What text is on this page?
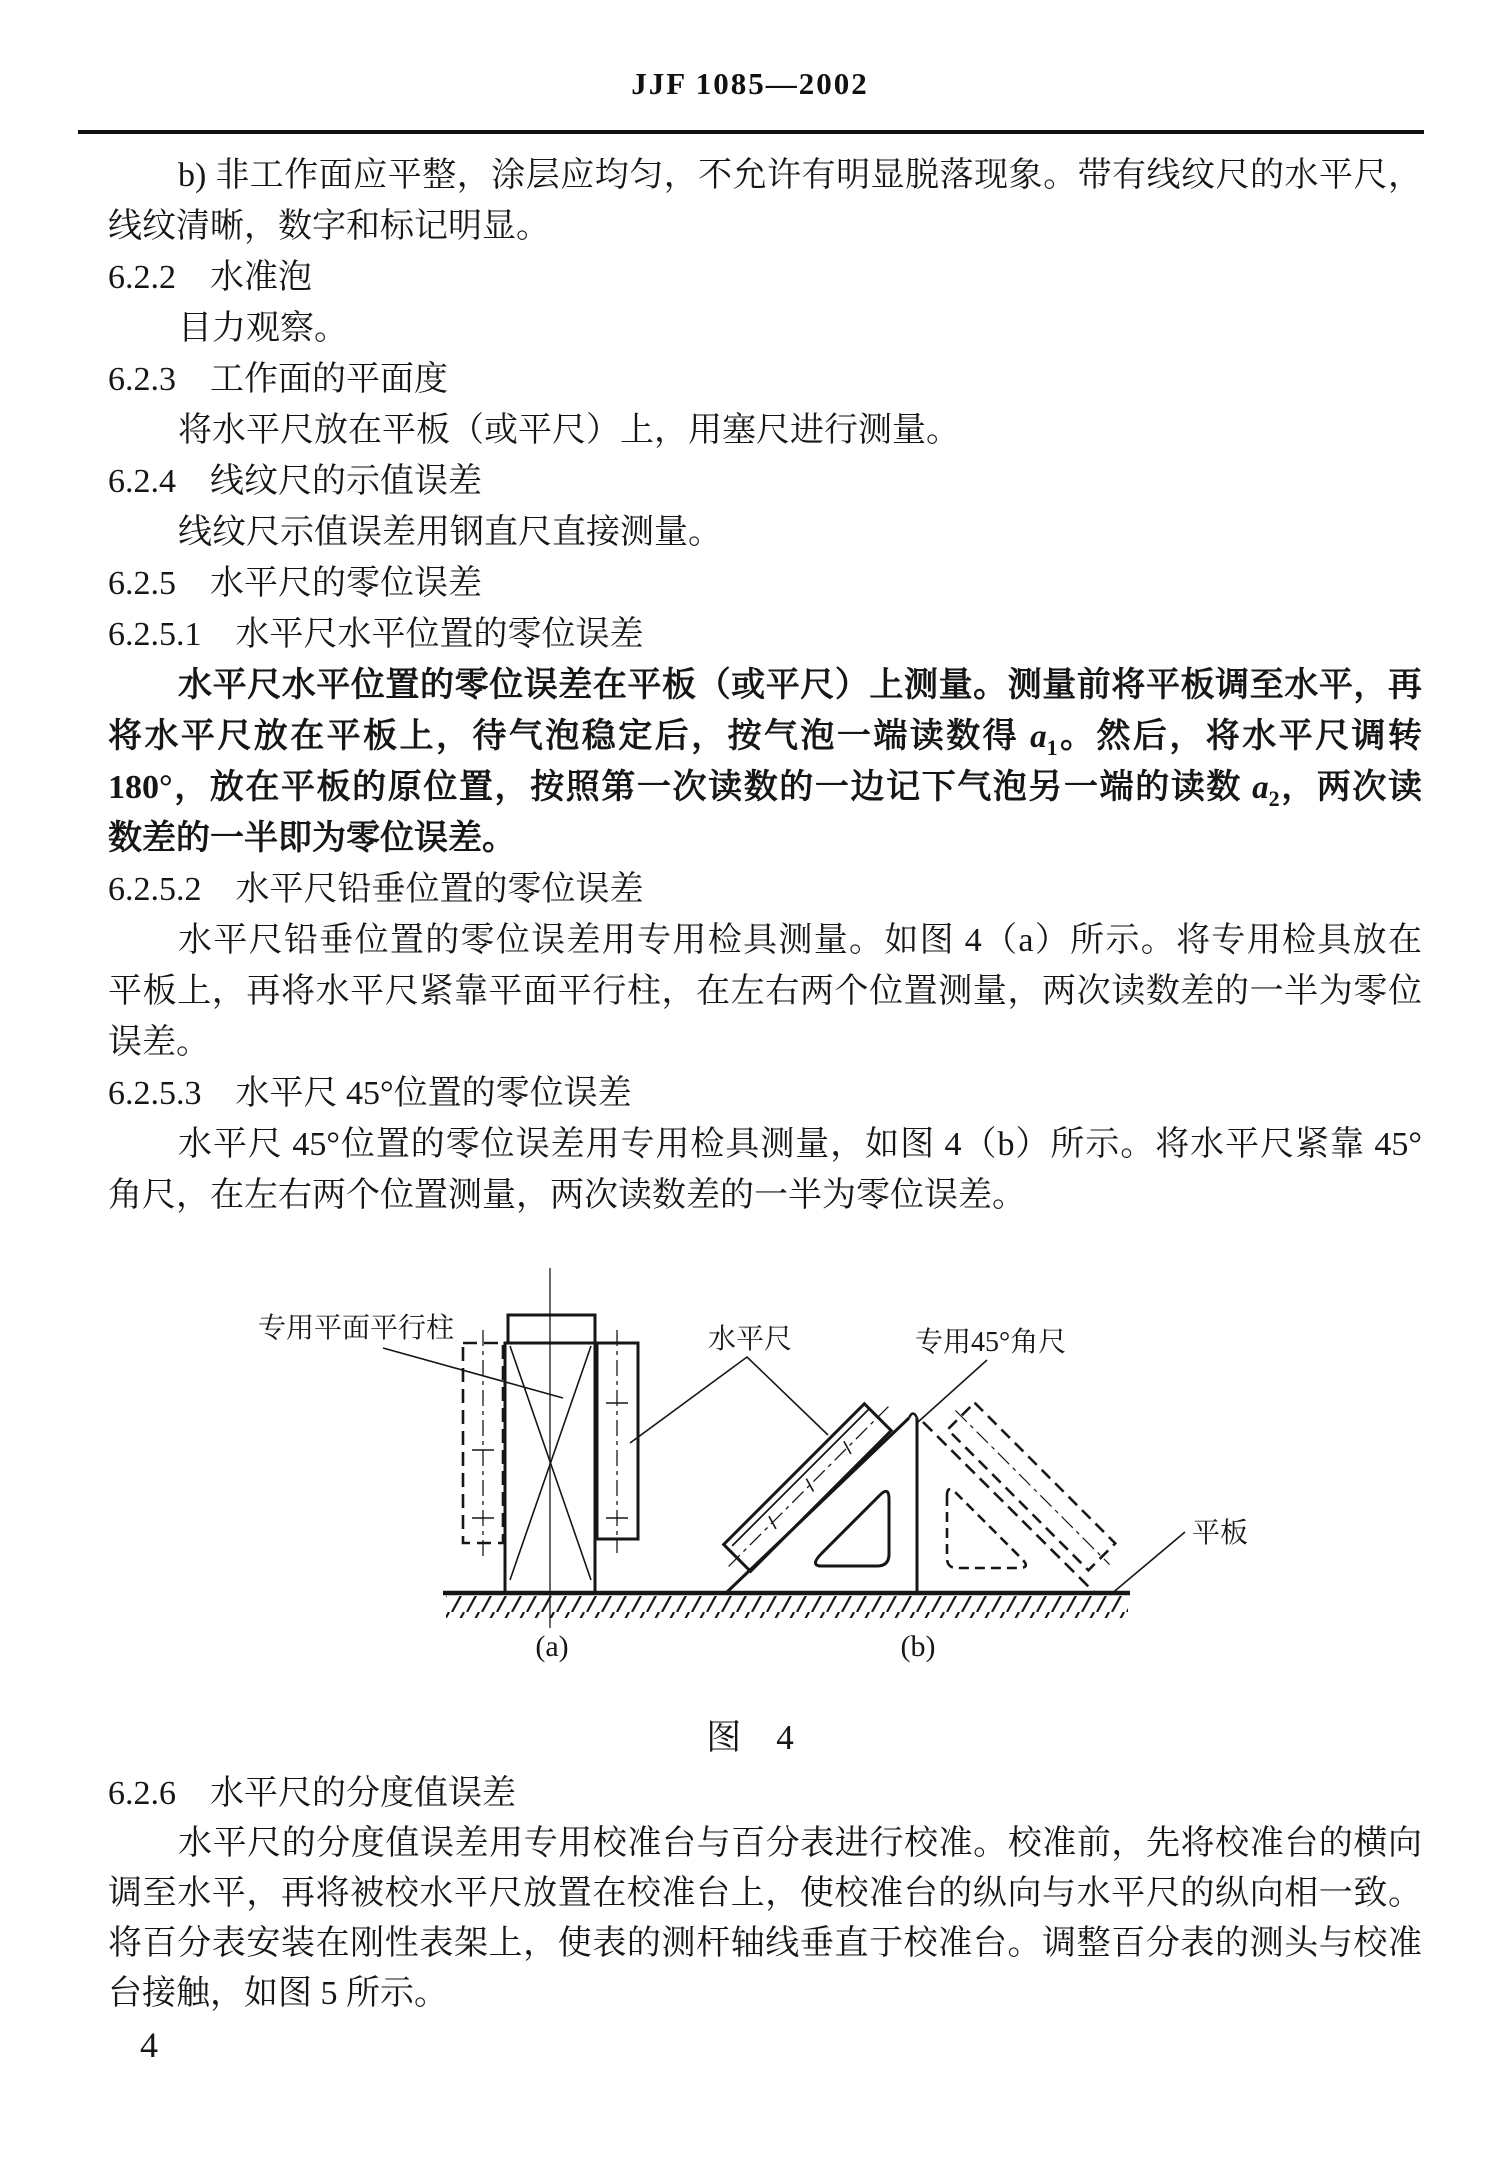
JJF 1085—2002
b) 非工作面应平整，涂层应均匀，不允许有明显脱落现象。带有线纹尺的水平尺，
线纹清晰，数字和标记明显。
6.2.2　水准泡
目力观察。
6.2.3　工作面的平面度
将水平尺放在平板（或平尺）上，用塞尺进行测量。
6.2.4　线纹尺的示值误差
线纹尺示值误差用钢直尺直接测量。
6.2.5　水平尺的零位误差
6.2.5.1　水平尺水平位置的零位误差
水平尺水平位置的零位误差在平板（或平尺）上测量。测量前将平板调至水平，再
将水平尺放在平板上，待气泡稳定后，按气泡一端读数得 $a_1$。然后，将水平尺调转
180°，放在平板的原位置，按照第一次读数的一边记下气泡另一端的读数 $a_2$，两次读
数差的一半即为零位误差。
6.2.5.2　水平尺铅垂位置的零位误差
水平尺铅垂位置的零位误差用专用检具测量。如图 4（a）所示。将专用检具放在
平板上，再将水平尺紧靠平面平行柱，在左右两个位置测量，两次读数差的一半为零位
误差。
6.2.5.3　水平尺 45°位置的零位误差
水平尺 45°位置的零位误差用专用检具测量，如图 4（b）所示。将水平尺紧靠 45°
角尺，在左右两个位置测量，两次读数差的一半为零位误差。
专用平面平行柱	水平尺	专用45°角尺
平板
(a)	(b)
图　4
6.2.6　水平尺的分度值误差
水平尺的分度值误差用专用校准台与百分表进行校准。校准前，先将校准台的横向
调至水平，再将被校水平尺放置在校准台上，使校准台的纵向与水平尺的纵向相一致。
将百分表安装在刚性表架上，使表的测杆轴线垂直于校准台。调整百分表的测头与校准
台接触，如图 5 所示。
4
